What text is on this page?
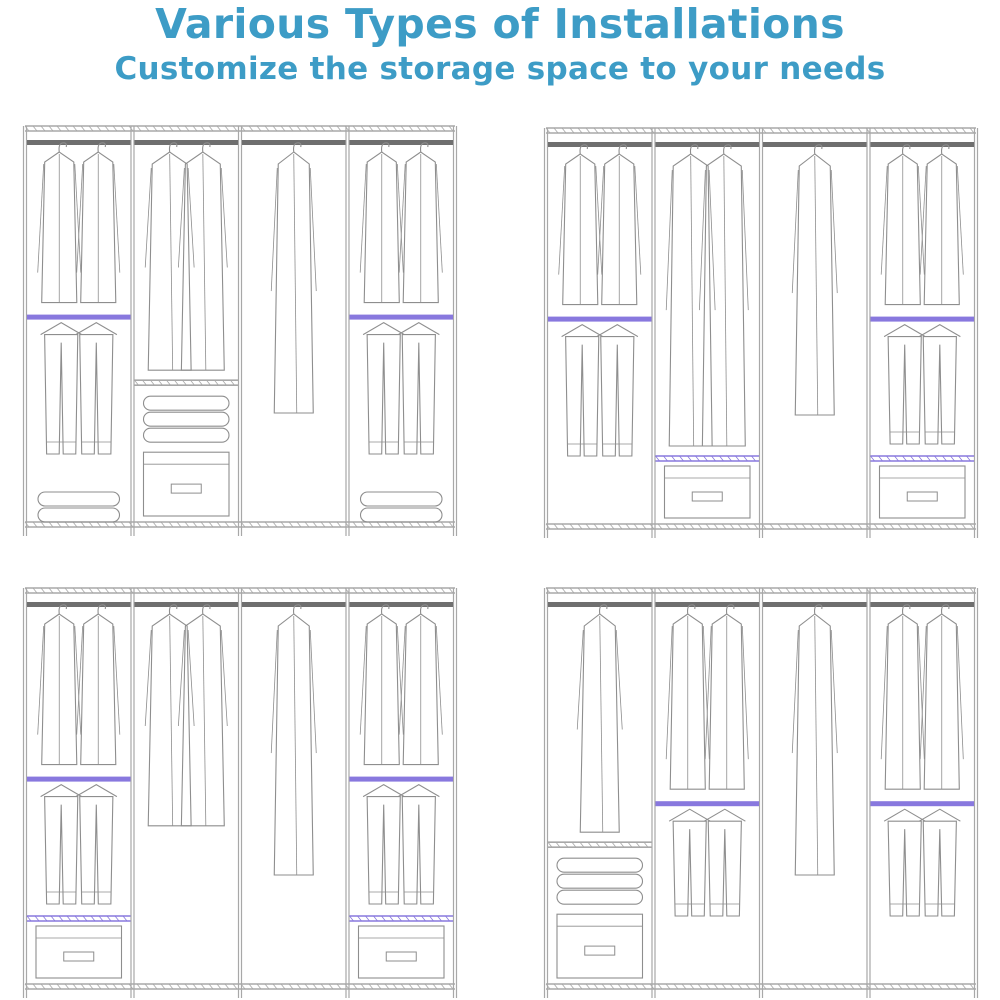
Various Types of Installations
Customize the storage space to your needs
